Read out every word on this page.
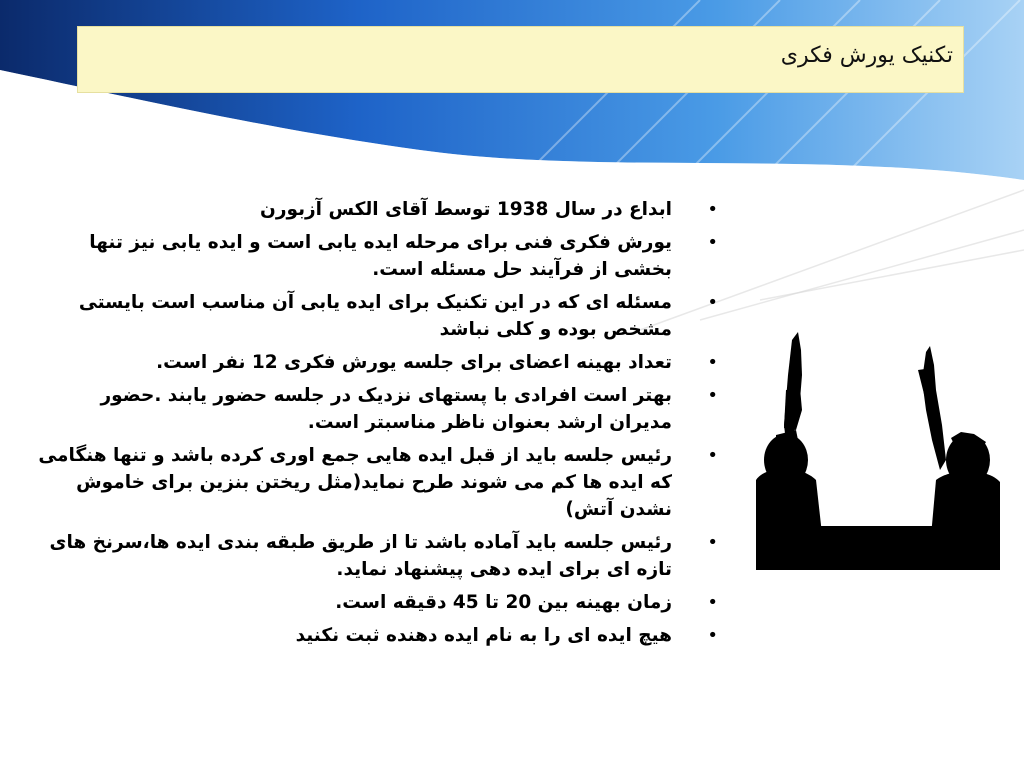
تکنیک یورش فکری
• ابداع در سال 1938 توسط آقای الکس آزبورن
• یورش فکری فنی برای مرحله ایده یابی است و ایده یابی نیز تنها بخشی از فرآیند حل مسئله است.
• مسئله ای که در این تکنیک برای ایده یابی آن مناسب است بایستی مشخص بوده و کلی نباشد
• تعداد بهینه اعضای برای جلسه یورش فکری 12 نفر است.
• بهتر است افرادی با پستهای نزدیک در جلسه حضور یابند .حضور مدیران ارشد بعنوان ناظر مناسبتر است.
• رئیس جلسه باید از قبل ایده هایی جمع اوری کرده باشد و تنها هنگامی که ایده ها کم می شوند طرح نماید(مثل ریختن بنزین برای خاموش نشدن آتش)
• رئیس جلسه باید آماده باشد تا از طریق طبقه بندی ایده ها،سرنخ های تازه ای برای ایده دهی پیشنهاد نماید.
• زمان بهینه بین 20 تا 45 دقیقه است.
• هیچ ایده ای را به نام ایده دهنده ثبت نکنید
